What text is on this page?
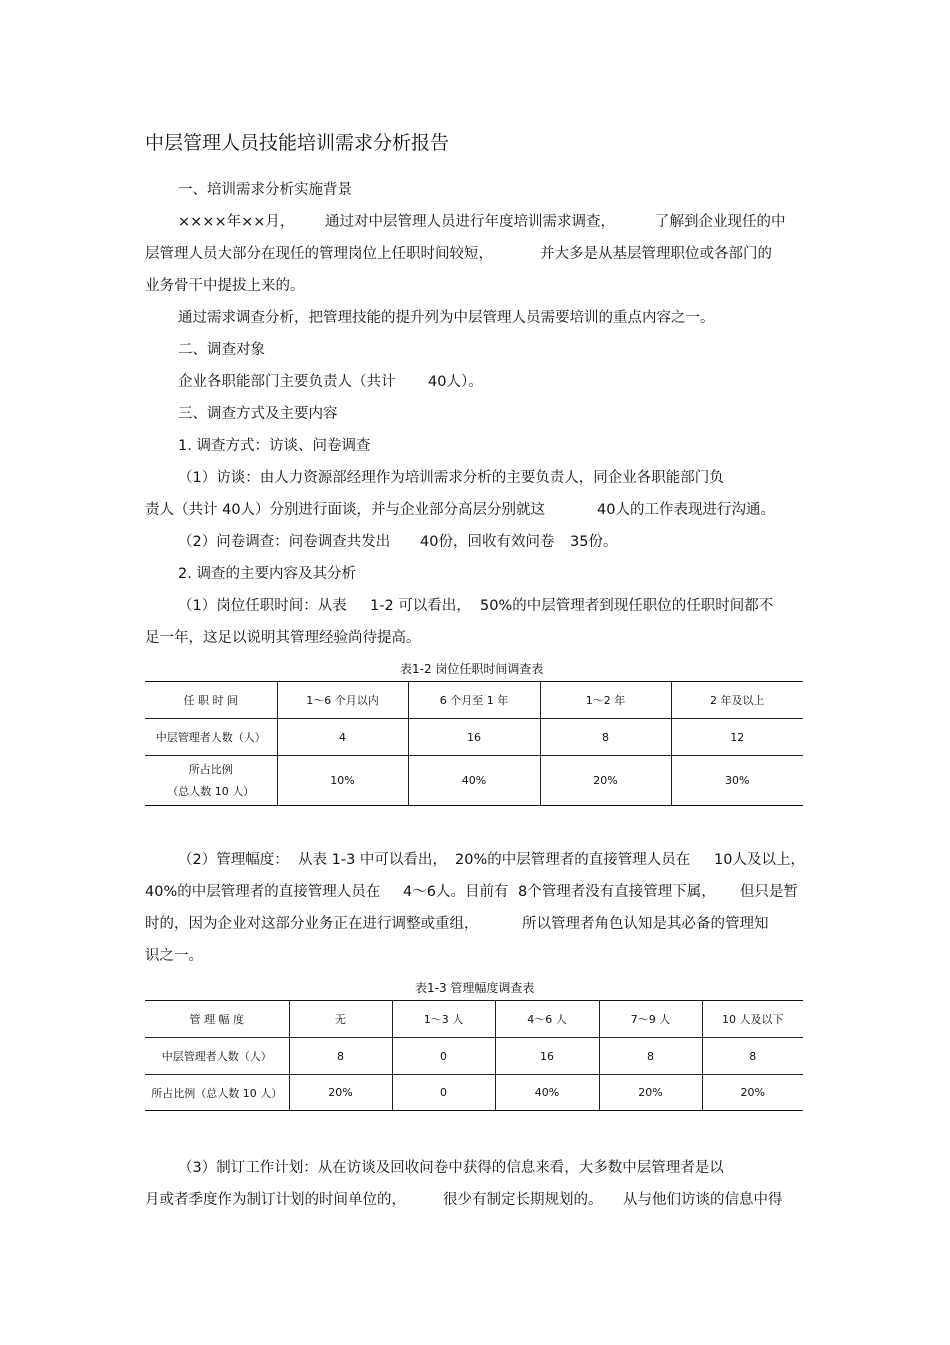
中层管理人员技能培训需求分析报告
一、培训需求分析实施背景
××××年××月， 通过对中层管理人员进行年度培训需求调查，	了解到企业现任的中
层管理人员大部分在现任的管理岗位上任职时间较短，	并大多是从基层管理职位或各部门的
业务骨干中提拔上来的。
通过需求调查分析，把管理技能的提升列为中层管理人员需要培训的重点内容之一。
二、调查对象
企业各职能部门主要负责人（共计 40人）。
三、调查方式及主要内容
1. 调查方式：访谈、问卷调查
（1）访谈：由人力资源部经理作为培训需求分析的主要负责人，同企业各职能部门负
责人（共计 40人）分别进行面谈，并与企业部分高层分别就这	40人的工作表现进行沟通。
（2）问卷调查：问卷调查共发出 40份，回收有效问卷 35份。
2. 调查的主要内容及其分析
（1）岗位任职时间：从表 1-2 可以看出， 50%的中层管理者到现任职位的任职时间都不
足一年，这足以说明其管理经验尚待提高。
表1-2 岗位任职时间调查表
任 职 时 间	1～6 个月以内	6 个月至 1 年	1～2 年	2 年及以上
中层管理者人数（人）	4	16	8	12

所占比例
（总人数 10 人）	10%	40%	20%	30%
（2）管理幅度： 从表 1-3 中可以看出， 20%的中层管理者的直接管理人员在 10人及以上，
40%的中层管理者的直接管理人员在 4～6人。目前有 8个管理者没有直接管理下属， 但只是暂
时的，因为企业对这部分业务正在进行调整或重组，	所以管理者角色认知是其必备的管理知
识之一。
表1-3 管理幅度调查表
管 理 幅 度	无	1～3 人	4～6 人	7～9 人	10 人及以下
中层管理者人数（人）	8	0	16	8	8
所占比例（总人数 10 人）	20%	0	40%	20%	20%
（3）制订工作计划：从在访谈及回收问卷中获得的信息来看，大多数中层管理者是以
月或者季度作为制订计划的时间单位的，	很少有制定长期规划的。 从与他们访谈的信息中得
